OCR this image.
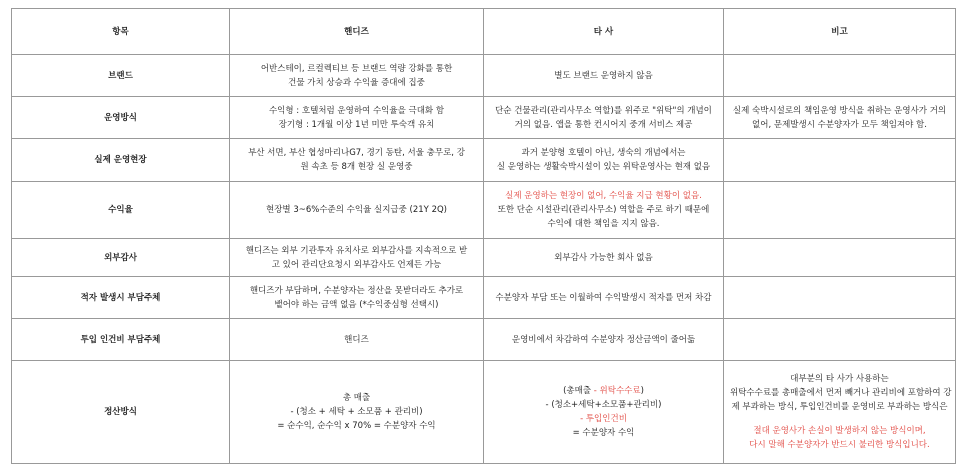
항목	핸디즈	타 사	비고
브랜드	어반스테이, 르컬렉티브 등 브랜드 역량 강화를 통한
건물 가치 상승과 수익율 증대에 집중	별도 브랜드 운영하지 않음	

운영방식	수익형 : 호텔처럼 운영하여 수익율을 극대화 함
장기형 : 1개월 이상 1년 미만 투숙객 유치	단순 건물관리(관리사무소 역할)를 위주로 "위탁"의 개념이
거의 없음. 앱을 통한 컨시어지 중개 서비스 제공	실제 숙박시설로의 책임운영 방식을 취하는 운영사가 거의
없어, 문제발생시 수분양자가 모두 책임져야 함.

실제 운영현장	부산 서면, 부산 협성마리나G7, 경기 동탄, 서울 충무로, 강
원 속초 등 8개 현장 실 운영중	과거 분양형 호텔이 아닌, 생숙의 개념에서는
실 운영하는 생활숙박시설이 있는 위탁운영사는 현재 없음	

수익율	현장별 3~6%수준의 수익율 실지급중 (21Y 2Q)	실제 운영하는 현장이 없어, 수익율 지급 현황이 없음.
또한 단순 시설관리(관리사무소) 역할을 주로 하기 때문에
수익에 대한 책임을 지지 않음.	

외부감사	핸디즈는 외부 기관투자 유치사로 외부감사를 지속적으로 받
고 있어 관리단요청시 외부감사도 언제든 가능	외부감사 가능한 회사 없음	

적자 발생시 부담주체	핸디즈가 부담하며, 수분양자는 정산을 못받더라도 추가로
뱉어야 하는 금액 없음 (*수익중심형 선택시)	수분양자 부담 또는 이월하여 수익발생시 적자를 먼저 차감	

투입 인건비 부담주체	핸디즈	운영비에서 차감하여 수분양자 정산금액이 줄어듦	

정산방식	총 매출
- (청소 + 세탁 + 소모품 + 관리비)
= 순수익, 순수익 x 70% = 수분양자 수익	(총매출 - 위탁수수료)
- (청소+세탁+소모품+관리비)
- 투입인건비
= 수분양자 수익	대부분의 타 사가 사용하는
위탁수수료를 총매출에서 먼저 빼거나 관리비에 포함하여 강
제 부과하는 방식, 투입인건비를 운영비로 부과하는 방식은
절대 운영사가 손실이 발생하지 않는 방식이며,
다시 말해 수분양자가 반드시 불리한 방식입니다.
